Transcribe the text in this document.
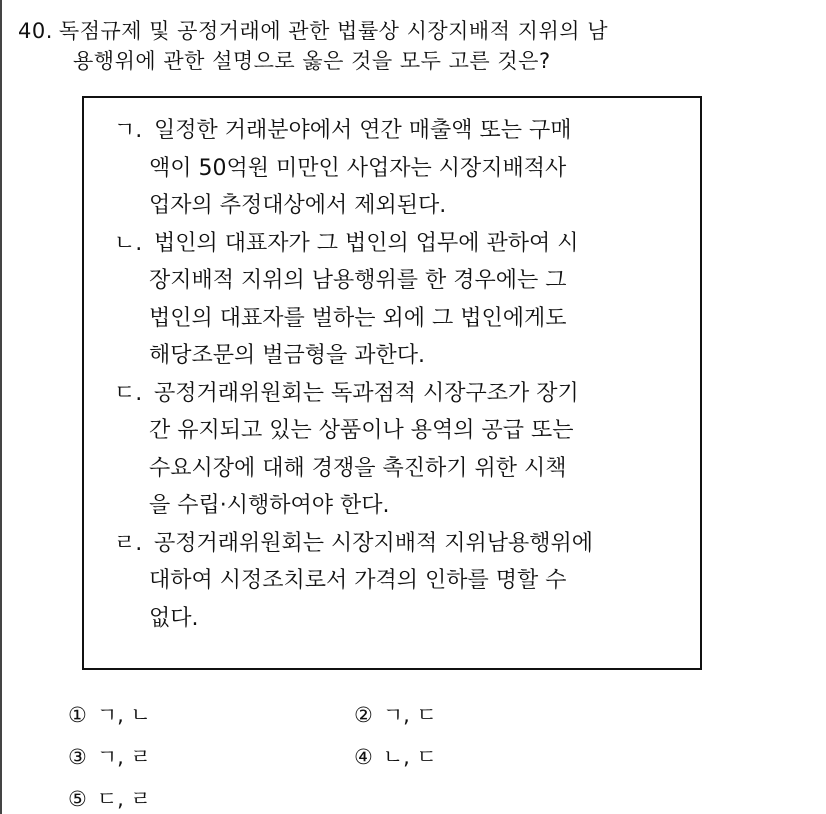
40. 독점규제 및 공정거래에 관한 법률상 시장지배적 지위의 남
용행위에 관한 설명으로 옳은 것을 모두 고른 것은?
ㄱ. 일정한 거래분야에서 연간 매출액 또는 구매
액이 50억원 미만인 사업자는 시장지배적사
업자의 추정대상에서 제외된다.
ㄴ. 법인의 대표자가 그 법인의 업무에 관하여 시
장지배적 지위의 남용행위를 한 경우에는 그
법인의 대표자를 벌하는 외에 그 법인에게도
해당조문의 벌금형을 과한다.
ㄷ. 공정거래위원회는 독과점적 시장구조가 장기
간 유지되고 있는 상품이나 용역의 공급 또는
수요시장에 대해 경쟁을 촉진하기 위한 시책
을 수립·시행하여야 한다.
ㄹ. 공정거래위원회는 시장지배적 지위남용행위에
대하여 시정조치로서 가격의 인하를 명할 수
없다.
① ㄱ, ㄴ	② ㄱ, ㄷ
③ ㄱ, ㄹ	④ ㄴ, ㄷ
⑤ ㄷ, ㄹ
